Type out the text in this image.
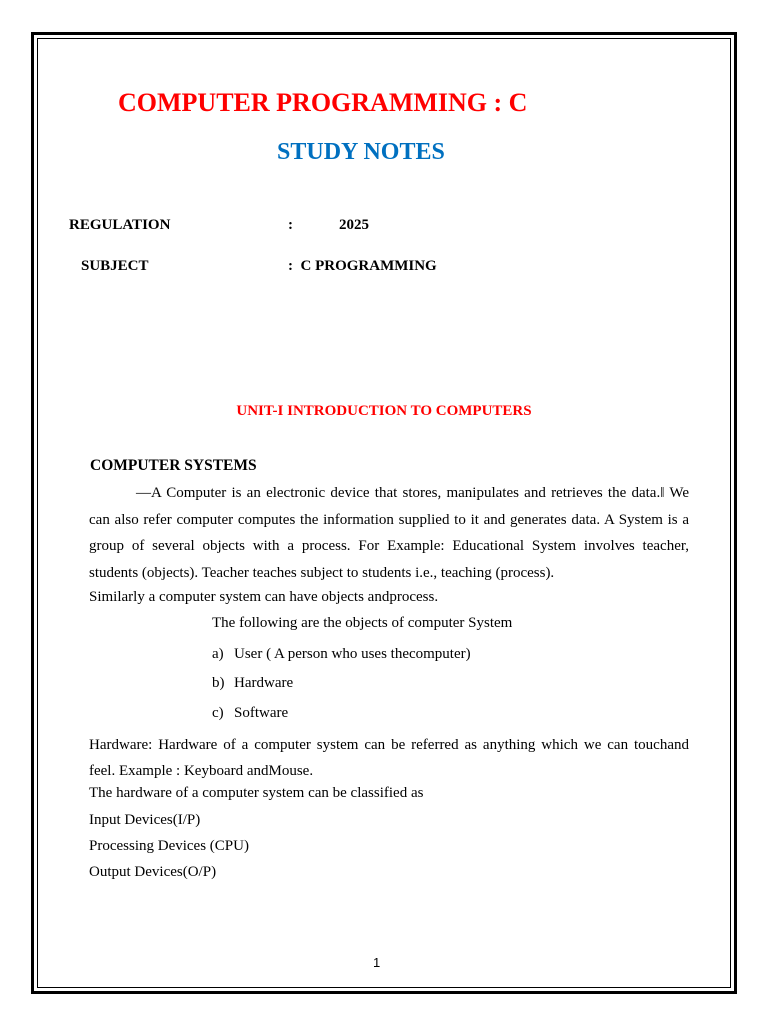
COMPUTER PROGRAMMING : C
STUDY NOTES
REGULATION	:	2025
SUBJECT	:  C PROGRAMMING
UNIT-I INTRODUCTION TO COMPUTERS
COMPUTER SYSTEMS
—A Computer is an electronic device that stores, manipulates and retrieves the data.‖ We
can also refer computer computes the information supplied to it and generates data. A System is a
group of several objects with a process. For Example: Educational System involves teacher,
students (objects). Teacher teaches subject to students i.e., teaching (process).
Similarly a computer system can have objects andprocess.
The following are the objects of computer System
a) User ( A person who uses thecomputer)
b) Hardware
c) Software
Hardware: Hardware of a computer system can be referred as anything which we can touchand
feel. Example : Keyboard andMouse.
The hardware of a computer system can be classified as
Input Devices(I/P)
Processing Devices (CPU)
Output Devices(O/P)
1
